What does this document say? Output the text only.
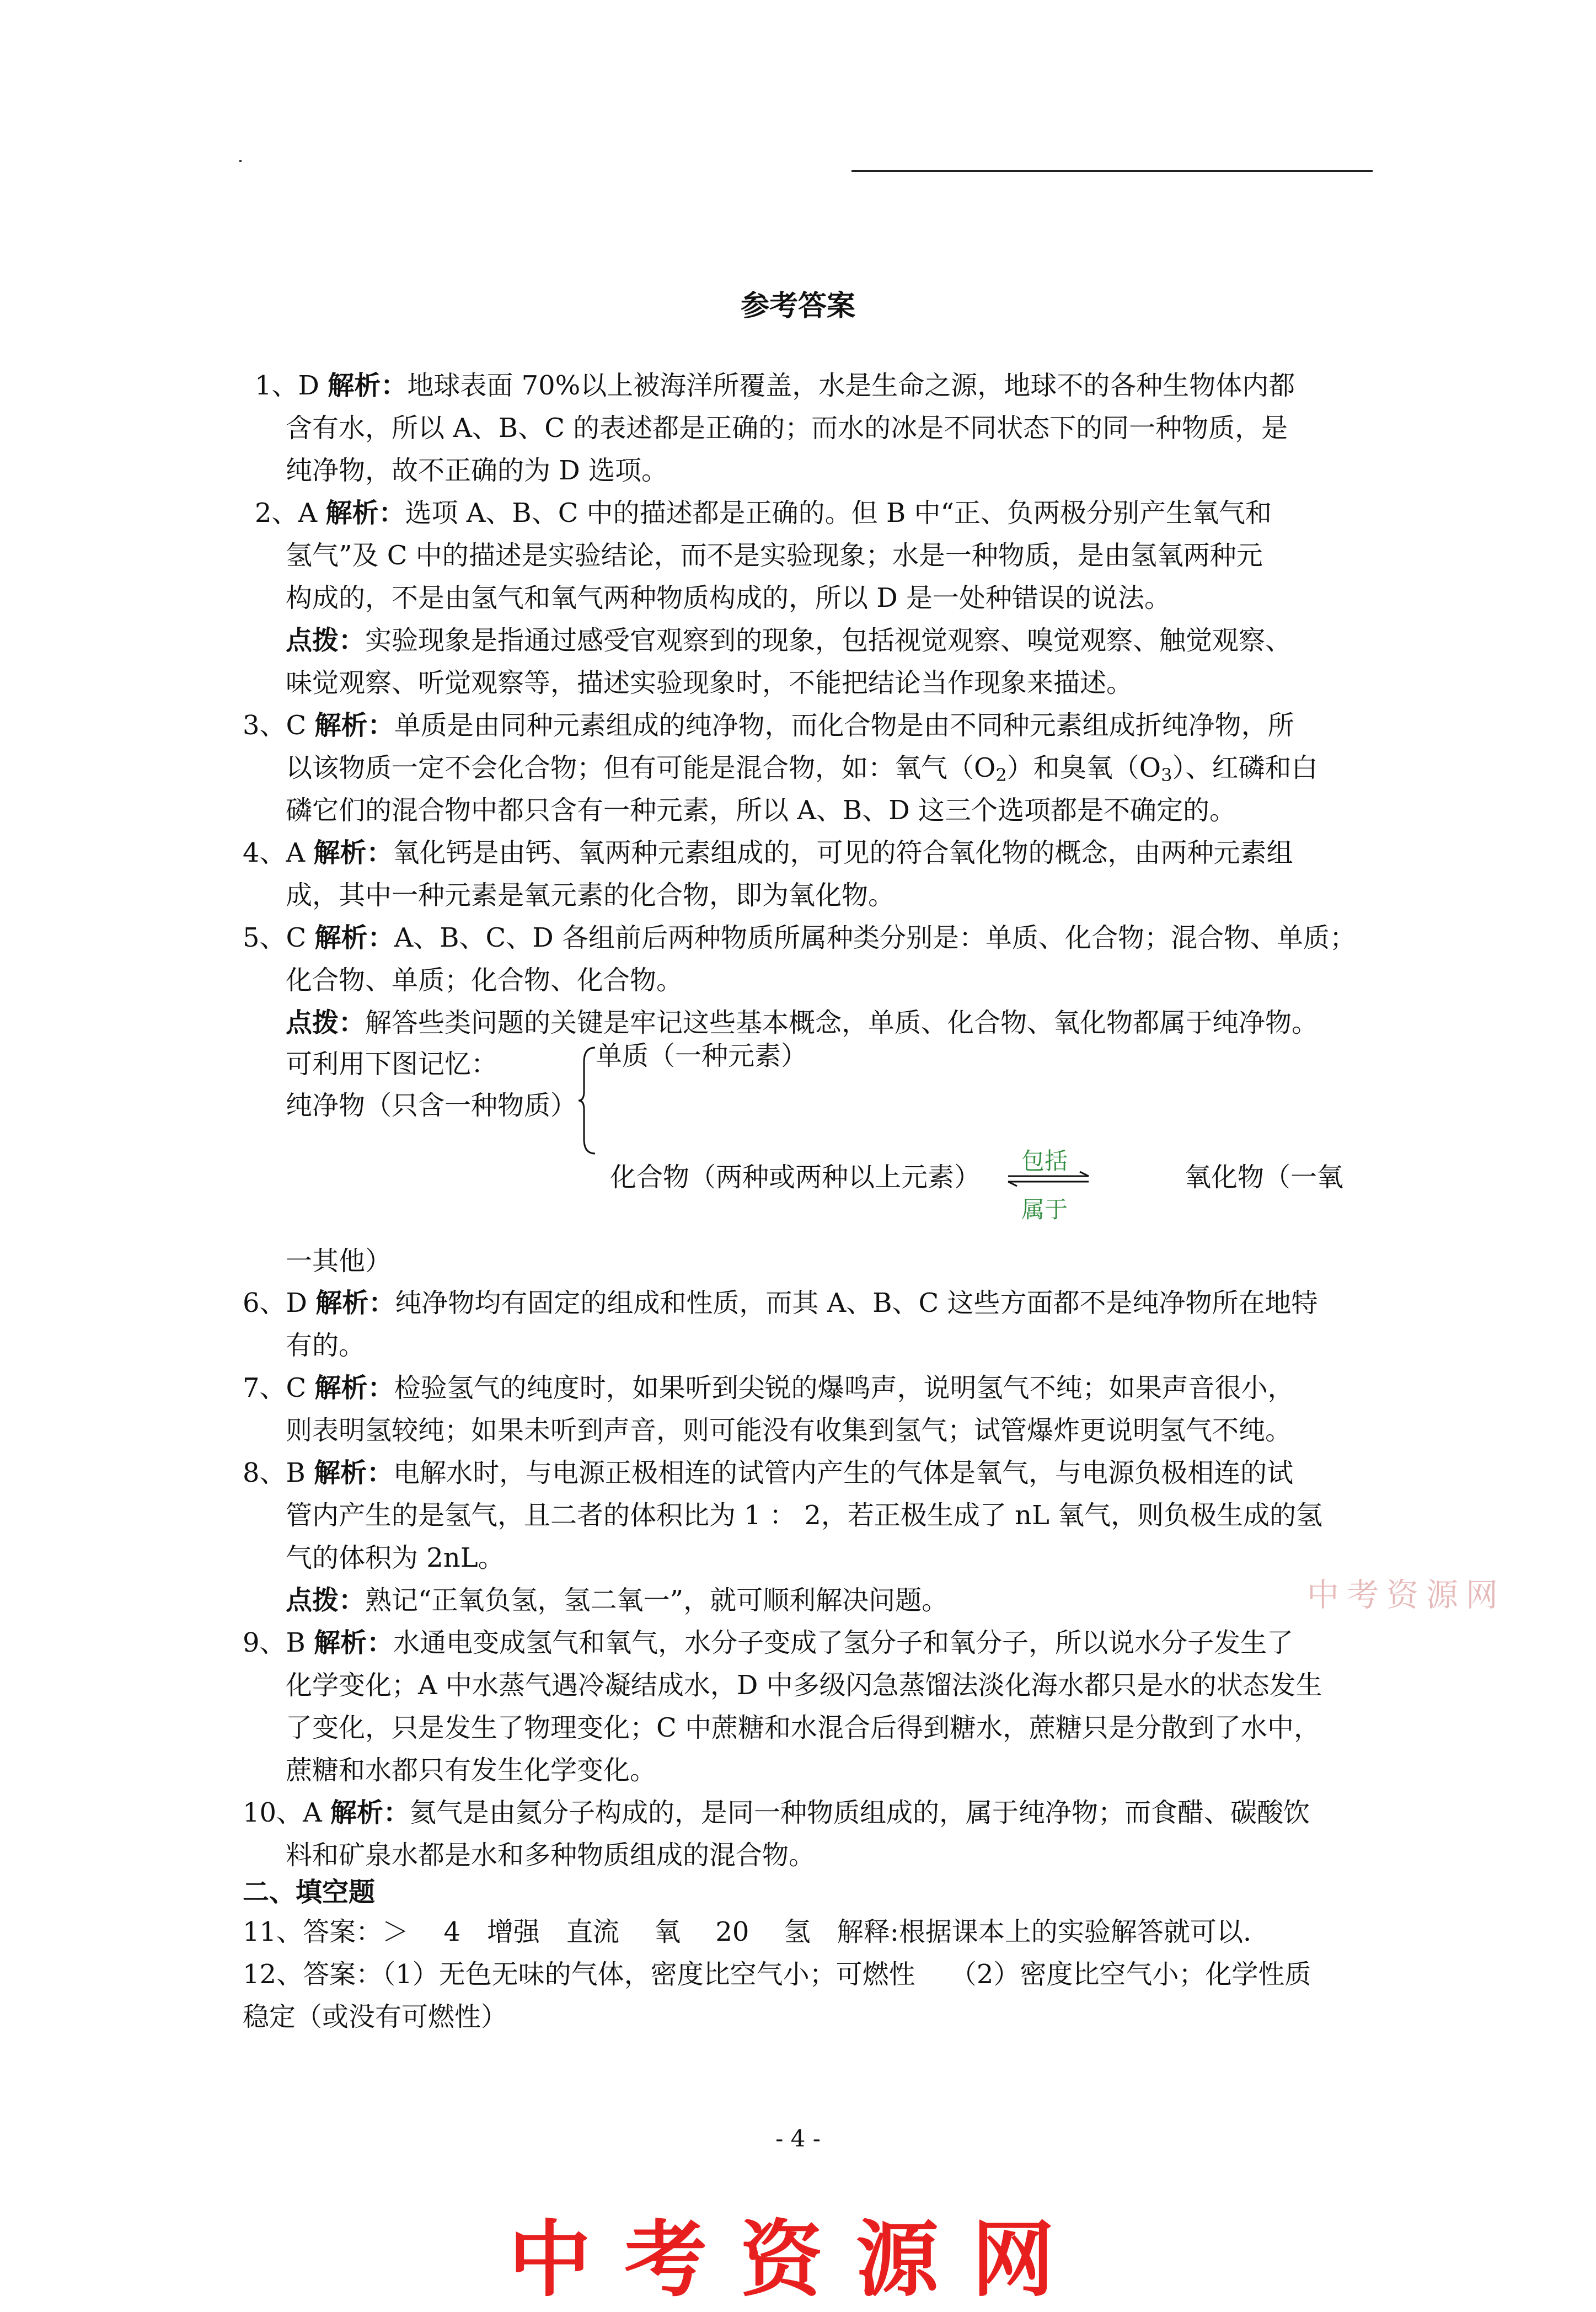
参考答案
1、D 解析：地球表面 70%以上被海洋所覆盖，水是生命之源，地球不的各种生物体内都
含有水，所以 A、B、C 的表述都是正确的；而水的冰是不同状态下的同一种物质，是
纯净物，故不正确的为 D 选项。
2、A 解析：选项 A、B、C 中的描述都是正确的。但 B 中“正、负两极分别产生氧气和
氢气”及 C 中的描述是实验结论，而不是实验现象；水是一种物质，是由氢氧两种元
构成的，不是由氢气和氧气两种物质构成的，所以 D 是一处种错误的说法。
点拨：实验现象是指通过感受官观察到的现象，包括视觉观察、嗅觉观察、触觉观察、
味觉观察、听觉观察等，描述实验现象时，不能把结论当作现象来描述。
3、C 解析：单质是由同种元素组成的纯净物，而化合物是由不同种元素组成折纯净物，所
以该物质一定不会化合物；但有可能是混合物，如：氧气$(O_2)$和臭氧$(O_3)$、红磷和白
磷它们的混合物中都只含有一种元素，所以 A、B、D 这三个选项都是不确定的。
4、A 解析：氧化钙是由钙、氧两种元素组成的，可见的符合氧化物的概念，由两种元素组
成，其中一种元素是氧元素的化合物，即为氧化物。
5、C 解析：A、B、C、D 各组前后两种物质所属种类分别是：单质、化合物；混合物、单质；
化合物、单质；化合物、化合物。
点拨：解答些类问题的关键是牢记这些基本概念，单质、化合物、氧化物都属于纯净物。
可利用下图记忆：	单质（一种元素）
纯净物（只含一种物质）
化合物（两种或两种以上元素）
包括
属于
氧化物（一氧
一其他）
6、D 解析：纯净物均有固定的组成和性质，而其 A、B、C 这些方面都不是纯净物所在地特
有的。
7、C 解析：检验氢气的纯度时，如果听到尖锐的爆鸣声，说明氢气不纯；如果声音很小，
则表明氢较纯；如果未听到声音，则可能没有收集到氢气；试管爆炸更说明氢气不纯。
8、B 解析：电解水时，与电源正极相连的试管内产生的气体是氧气，与电源负极相连的试
管内产生的是氢气，且二者的体积比为 1 ： 2，若正极生成了 nL 氧气，则负极生成的氢
气的体积为 2nL。
点拨：熟记“正氧负氢，氢二氧一”，就可顺利解决问题。	中考资源网
9、B 解析：水通电变成氢气和氧气，水分子变成了氢分子和氧分子，所以说水分子发生了
化学变化；A 中水蒸气遇冷凝结成水，D 中多级闪急蒸馏法淡化海水都只是水的状态发生
了变化，只是发生了物理变化；C 中蔗糖和水混合后得到糖水，蔗糖只是分散到了水中，
蔗糖和水都只有发生化学变化。
10、A 解析：氦气是由氦分子构成的，是同一种物质组成的，属于纯净物；而食醋、碳酸饮
料和矿泉水都是水和多种物质组成的混合物。
二、填空题
11、答案：＞　 4　增强　直流　 氧　 20　 氢　解释:根据课本上的实验解答就可以.
12、答案：（1）无色无味的气体，密度比空气小；可燃性　 （2）密度比空气小；化学性质
稳定（或没有可燃性）
- 4 -
中考资源网
